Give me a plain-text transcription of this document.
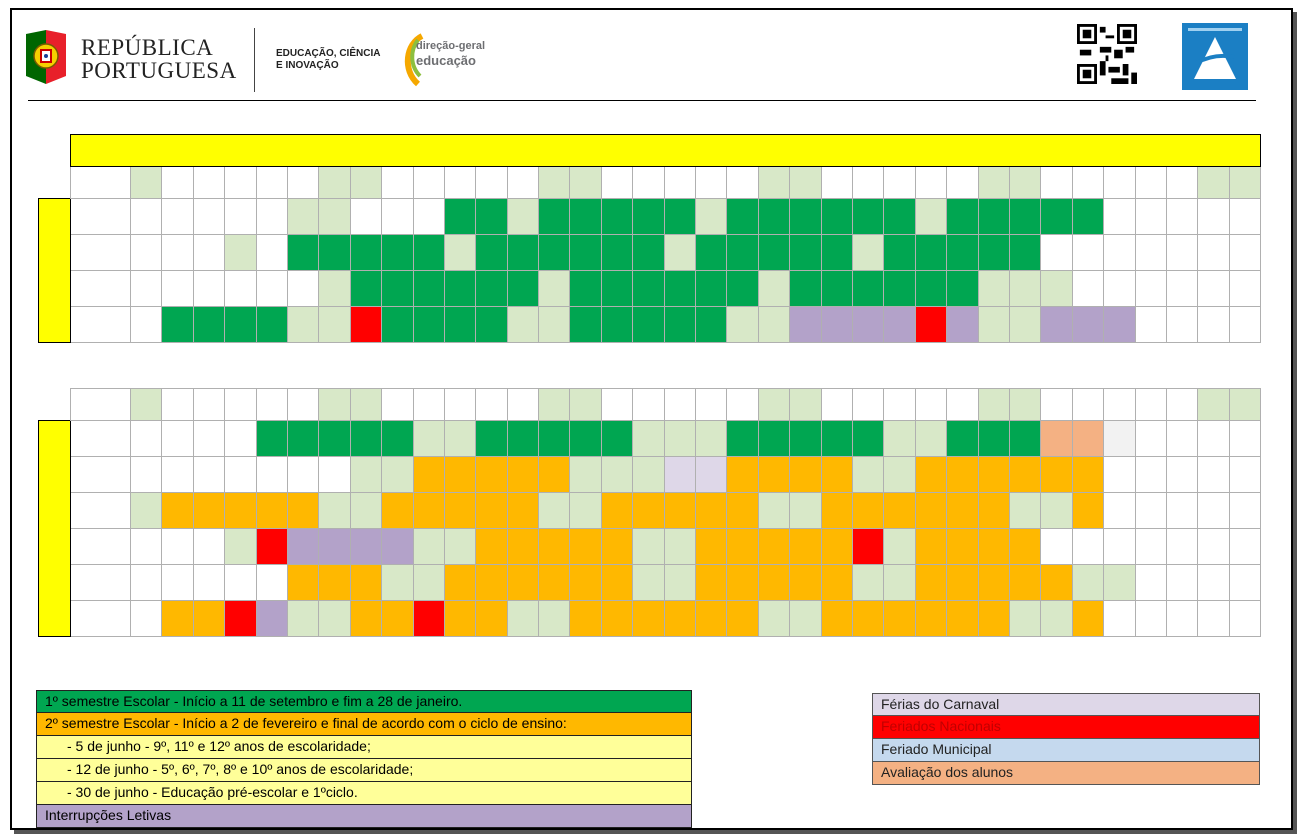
REPÚBLICA
PORTUGUESA
EDUCAÇÃO, CIÊNCIA
E INOVAÇÃO
direção-geral
educação

1º semestre Escolar - Início a 11 de setembro e fim a 28 de janeiro.
2º semestre Escolar - Início a 2 de fevereiro e final de acordo com o ciclo de ensino:
- 5 de junho - 9º, 11º e 12º anos de escolaridade;
- 12 de junho - 5º, 6º, 7º, 8º e 10º anos de escolaridade;
- 30 de junho - Educação pré-escolar e 1ºciclo.
Interrupções Letivas
Férias do Carnaval
Feriados Nacionais
Feriado Municipal
Avaliação dos alunos
